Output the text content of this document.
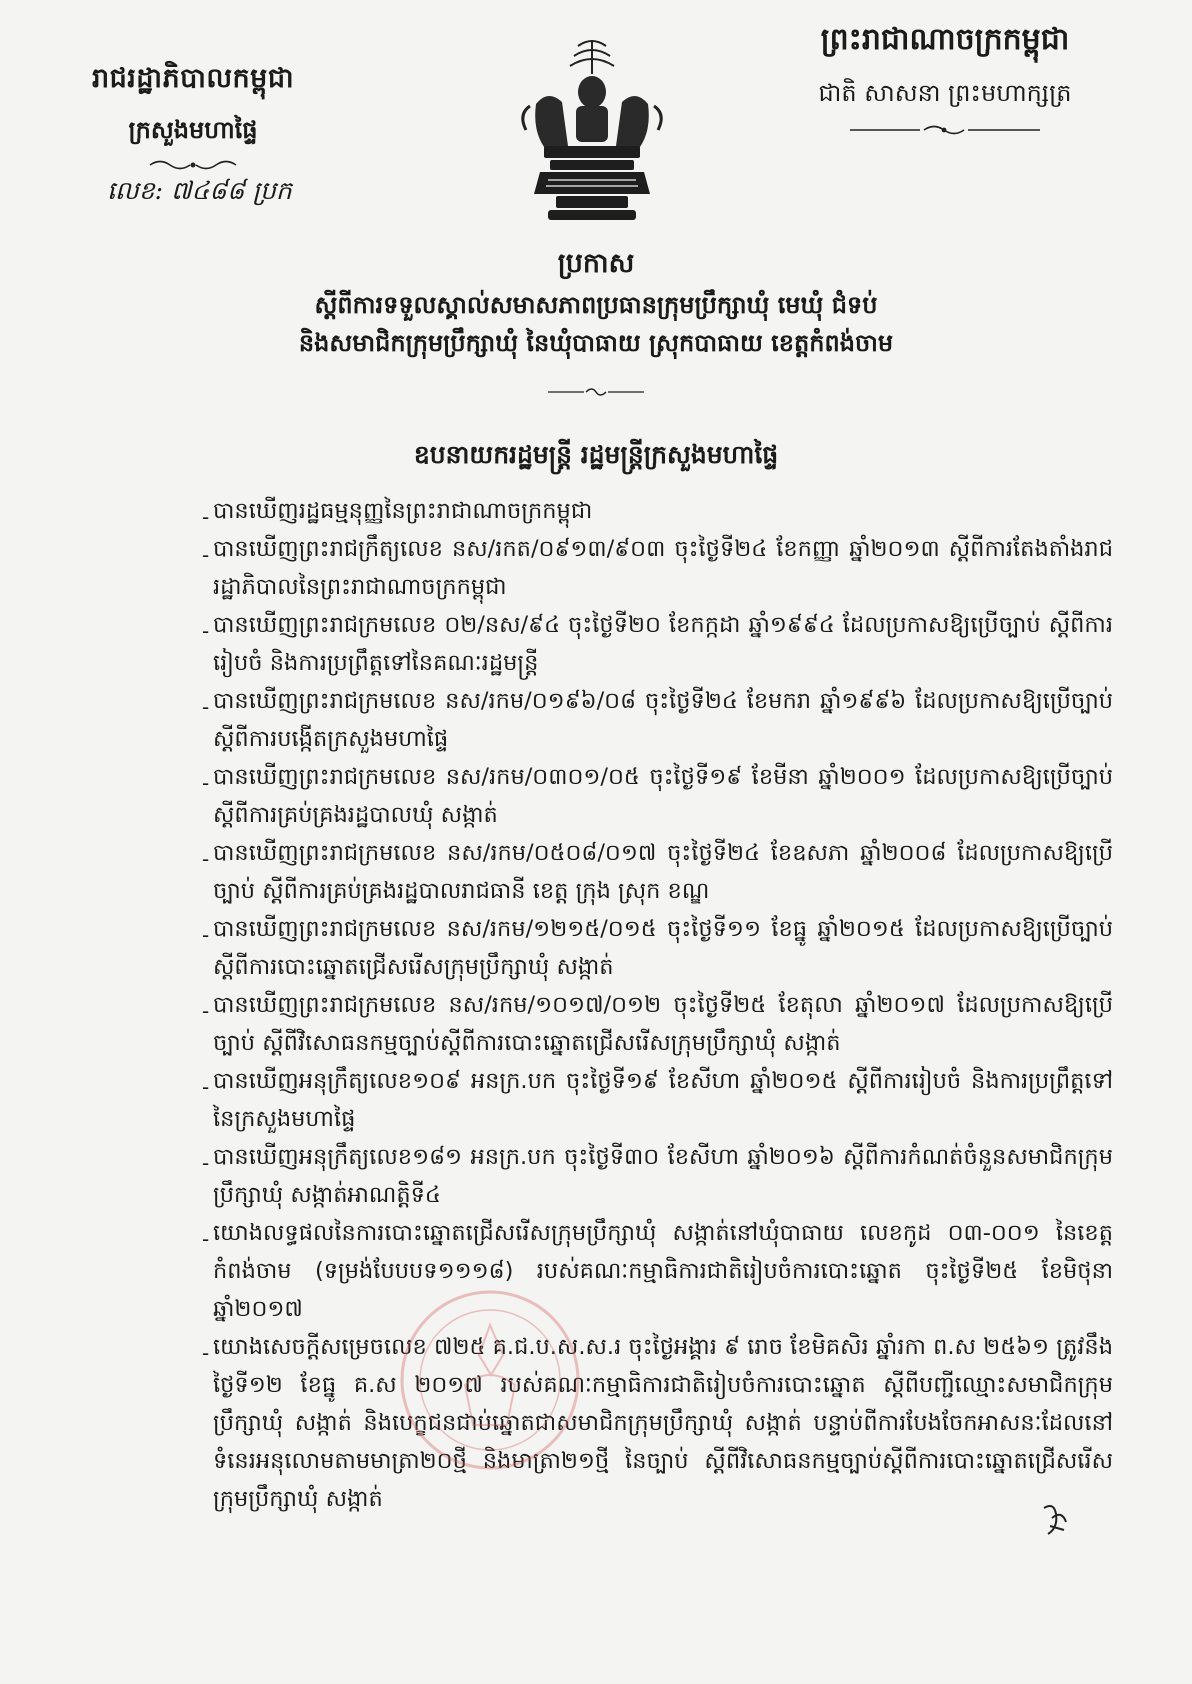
រាជរដ្ឋាភិបាលកម្ពុជា
ក្រសួងមហាផ្ទៃ
លេខ: ៧៤៨៨ ប្រក
ព្រះរាជាណាចក្រកម្ពុជា
ជាតិ សាសនា ព្រះមហាក្សត្រ
ប្រកាស
ស្តីពីការទទួលស្គាល់សមាសភាពប្រធានក្រុមប្រឹក្សាឃុំ មេឃុំ ជំទប់
និងសមាជិកក្រុមប្រឹក្សាឃុំ នៃឃុំបាធាយ ស្រុកបាធាយ ខេត្តកំពង់ចាម
ឧបនាយករដ្ឋមន្ត្រី រដ្ឋមន្ត្រីក្រសួងមហាផ្ទៃ
- បានឃើញរដ្ឋធម្មនុញ្ញនៃព្រះរាជាណាចក្រកម្ពុជា
- បានឃើញព្រះរាជក្រឹត្យលេខ នស/រកត/០៩១៣/៩០៣ ចុះថ្ងៃទី២៤ ខែកញ្ញា ឆ្នាំ២០១៣ ស្តីពីការតែងតាំងរាជរដ្ឋាភិបាលនៃព្រះរាជាណាចក្រកម្ពុជា
- បានឃើញព្រះរាជក្រមលេខ ០២/នស/៩៤ ចុះថ្ងៃទី២០ ខែកក្កដា ឆ្នាំ១៩៩៤ ដែលប្រកាសឱ្យប្រើច្បាប់ ស្តីពីការរៀបចំ និងការប្រព្រឹត្តទៅនៃគណៈរដ្ឋមន្ត្រី
- បានឃើញព្រះរាជក្រមលេខ នស/រកម/០១៩៦/០៨ ចុះថ្ងៃទី២៤ ខែមករា ឆ្នាំ១៩៩៦ ដែលប្រកាសឱ្យប្រើច្បាប់ ស្តីពីការបង្កើតក្រសួងមហាផ្ទៃ
- បានឃើញព្រះរាជក្រមលេខ នស/រកម/០៣០១/០៥ ចុះថ្ងៃទី១៩ ខែមីនា ឆ្នាំ២០០១ ដែលប្រកាសឱ្យប្រើច្បាប់ ស្តីពីការគ្រប់គ្រងរដ្ឋបាលឃុំ សង្កាត់
- បានឃើញព្រះរាជក្រមលេខ នស/រកម/០៥០៨/០១៧ ចុះថ្ងៃទី២៤ ខែឧសភា ឆ្នាំ២០០៨ ដែលប្រកាសឱ្យប្រើច្បាប់ ស្តីពីការគ្រប់គ្រងរដ្ឋបាលរាជធានី ខេត្ត ក្រុង ស្រុក ខណ្ឌ
- បានឃើញព្រះរាជក្រមលេខ នស/រកម/១២១៥/០១៥ ចុះថ្ងៃទី១១ ខែធ្នូ ឆ្នាំ២០១៥ ដែលប្រកាសឱ្យប្រើច្បាប់ ស្តីពីការបោះឆ្នោតជ្រើសរើសក្រុមប្រឹក្សាឃុំ សង្កាត់
- បានឃើញព្រះរាជក្រមលេខ នស/រកម/១០១៧/០១២ ចុះថ្ងៃទី២៥ ខែតុលា ឆ្នាំ២០១៧ ដែលប្រកាសឱ្យប្រើច្បាប់ ស្តីពីវិសោធនកម្មច្បាប់ស្តីពីការបោះឆ្នោតជ្រើសរើសក្រុមប្រឹក្សាឃុំ សង្កាត់
- បានឃើញអនុក្រឹត្យលេខ១០៩ អនក្រ.បក ចុះថ្ងៃទី១៩ ខែសីហា ឆ្នាំ២០១៥ ស្តីពីការរៀបចំ និងការប្រព្រឹត្តទៅនៃក្រសួងមហាផ្ទៃ
- បានឃើញអនុក្រឹត្យលេខ១៨១ អនក្រ.បក ចុះថ្ងៃទី៣០ ខែសីហា ឆ្នាំ២០១៦ ស្តីពីការកំណត់ចំនួនសមាជិកក្រុមប្រឹក្សាឃុំ សង្កាត់អាណត្តិទី៤
- យោងលទ្ធផលនៃការបោះឆ្នោតជ្រើសរើសក្រុមប្រឹក្សាឃុំ សង្កាត់នៅឃុំបាធាយ លេខកូដ ០៣-០០១ នៃខេត្តកំពង់ចាម (ទម្រង់បែបបទ១១១៨) របស់គណៈកម្មាធិការជាតិរៀបចំការបោះឆ្នោត ចុះថ្ងៃទី២៥ ខែមិថុនា ឆ្នាំ២០១៧
- យោងសេចក្តីសម្រេចលេខ ៧២៥ គ.ជ.ប.ស.ស.រ ចុះថ្ងៃអង្គារ ៩ រោច ខែមិគសិរ ឆ្នាំរកា ព.ស ២៥៦១ ត្រូវនឹងថ្ងៃទី១២ ខែធ្នូ គ.ស ២០១៧ របស់គណៈកម្មាធិការជាតិរៀបចំការបោះឆ្នោត ស្តីពីបញ្ជីឈ្មោះសមាជិកក្រុមប្រឹក្សាឃុំ សង្កាត់ និងបេក្ខជនជាប់ឆ្នោតជាសមាជិកក្រុមប្រឹក្សាឃុំ សង្កាត់ បន្ទាប់ពីការបែងចែកអាសនៈដែលនៅទំនេរអនុលោមតាមមាត្រា២០ថ្មី និងមាត្រា២១ថ្មី នៃច្បាប់ ស្តីពីវិសោធនកម្មច្បាប់ស្តីពីការបោះឆ្នោតជ្រើសរើសក្រុមប្រឹក្សាឃុំ សង្កាត់
